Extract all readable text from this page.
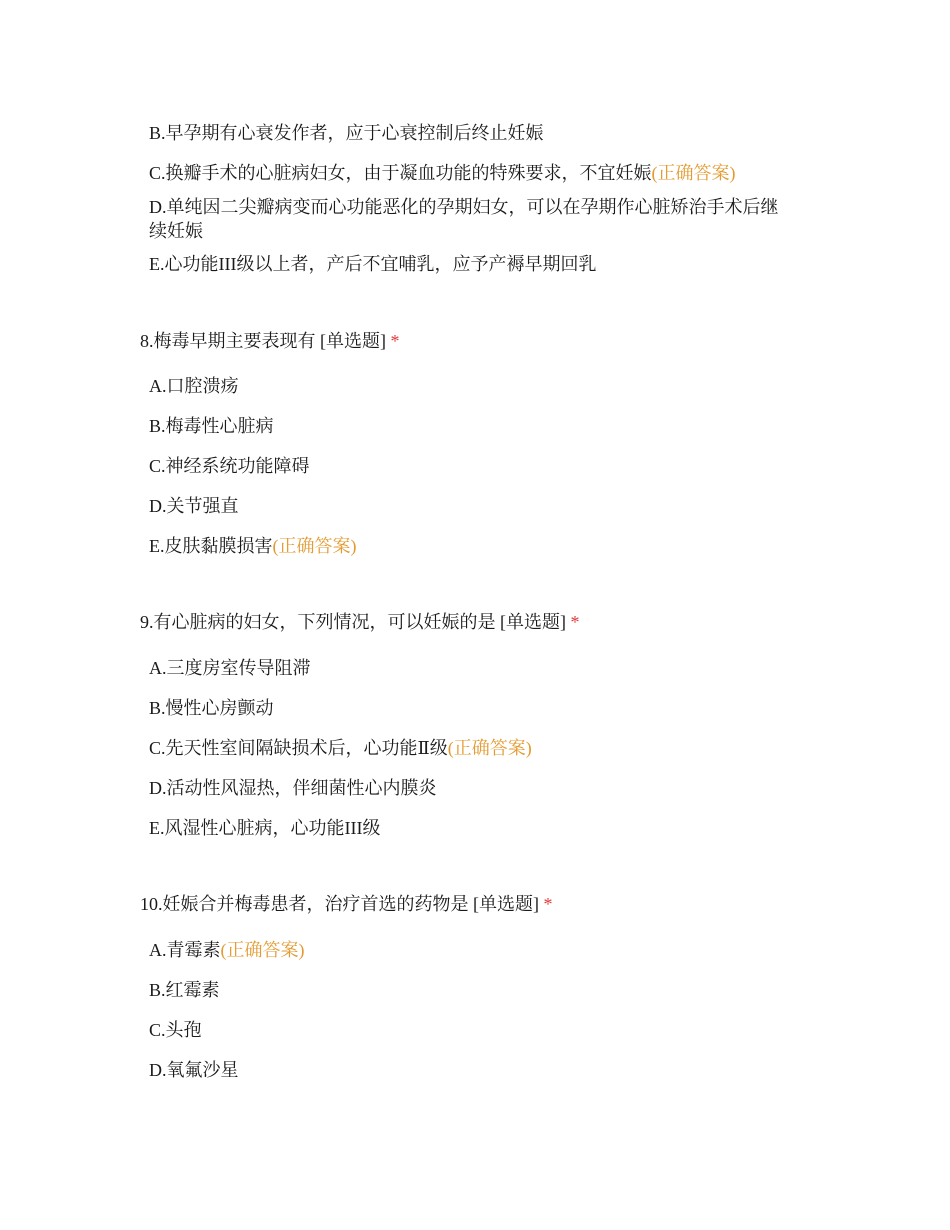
B.早孕期有心衰发作者，应于心衰控制后终止妊娠
C.换瓣手术的心脏病妇女，由于凝血功能的特殊要求，不宜妊娠(正确答案)
D.单纯因二尖瓣病变而心功能恶化的孕期妇女，可以在孕期作心脏矫治手术后继
续妊娠
E.心功能III级以上者，产后不宜哺乳，应予产褥早期回乳
8.梅毒早期主要表现有 [单选题] *
A.口腔溃疡
B.梅毒性心脏病
C.神经系统功能障碍
D.关节强直
E.皮肤黏膜损害(正确答案)
9.有心脏病的妇女，下列情况，可以妊娠的是 [单选题] *
A.三度房室传导阻滞
B.慢性心房颤动
C.先天性室间隔缺损术后，心功能Ⅱ级(正确答案)
D.活动性风湿热，伴细菌性心内膜炎
E.风湿性心脏病，心功能III级
10.妊娠合并梅毒患者，治疗首选的药物是 [单选题] *
A.青霉素(正确答案)
B.红霉素
C.头孢
D.氧氟沙星
